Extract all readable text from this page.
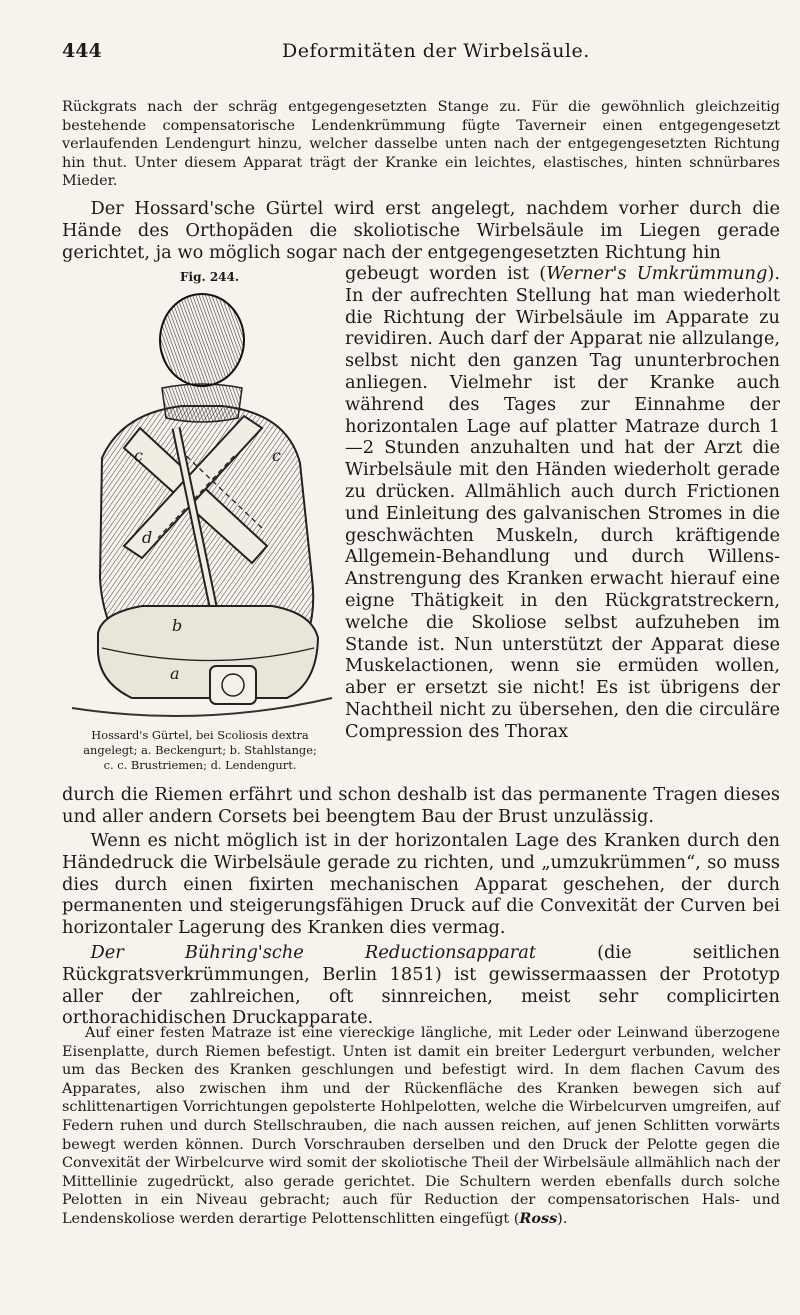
444	Deformitäten der Wirbelsäule.

Rückgrats nach der schräg entgegengesetzten Stange zu. Für die gewöhnlich gleichzeitig bestehende compensatorische Lendenkrümmung fügte Taverneir einen entgegengesetzt verlaufenden Lendengurt hinzu, welcher dasselbe unten nach der entgegengesetzten Richtung hin thut. Unter diesem Apparat trägt der Kranke ein leichtes, elastisches, hinten schnürbares Mieder.

Der Hossard'sche Gürtel wird erst angelegt, nachdem vorher durch die Hände des Orthopäden die skoliotische Wirbelsäule im Liegen gerade gerichtet, ja wo möglich sogar nach der entgegengesetzten Richtung hin

Fig. 244.
c	c
d
b
a
Hossard's Gürtel, bei Scoliosis dextra
angelegt; a. Beckengurt; b. Stahlstange;
c. c. Brustriemen; d. Lendengurt.

gebeugt worden ist (Werner's Umkrümmung). In der aufrechten Stellung hat man wiederholt die Richtung der Wirbelsäule im Apparate zu revidiren. Auch darf der Apparat nie allzulange, selbst nicht den ganzen Tag ununterbrochen anliegen. Vielmehr ist der Kranke auch während des Tages zur Einnahme der horizontalen Lage auf platter Matraze durch 1—2 Stunden anzuhalten und hat der Arzt die Wirbelsäule mit den Händen wiederholt gerade zu drücken. Allmählich auch durch Frictionen und Einleitung des galvanischen Stromes in die geschwächten Muskeln, durch kräftigende Allgemein-Behandlung und durch Willens-Anstrengung des Kranken erwacht hierauf eine eigne Thätigkeit in den Rückgratstreckern, welche die Skoliose selbst aufzuheben im Stande ist. Nun unterstützt der Apparat diese Muskelactionen, wenn sie ermüden wollen, aber er ersetzt sie nicht! Es ist übrigens der Nachtheil nicht zu übersehen, den die circuläre Compression des Thorax

durch die Riemen erfährt und schon deshalb ist das permanente Tragen dieses und aller andern Corsets bei beengtem Bau der Brust unzulässig.

Wenn es nicht möglich ist in der horizontalen Lage des Kranken durch den Händedruck die Wirbelsäule gerade zu richten, und „umzukrümmen“, so muss dies durch einen fixirten mechanischen Apparat geschehen, der durch permanenten und steigerungsfähigen Druck auf die Convexität der Curven bei horizontaler Lagerung des Kranken dies vermag.

Der Bühring'sche Reductionsapparat (die seitlichen Rückgratsverkrümmungen, Berlin 1851) ist gewissermaassen der Prototyp aller der zahlreichen, oft sinnreichen, meist sehr complicirten orthorachidischen Druckapparate.

Auf einer festen Matraze ist eine viereckige längliche, mit Leder oder Leinwand überzogene Eisenplatte, durch Riemen befestigt. Unten ist damit ein breiter Ledergurt verbunden, welcher um das Becken des Kranken geschlungen und befestigt wird. In dem flachen Cavum des Apparates, also zwischen ihm und der Rückenfläche des Kranken bewegen sich auf schlittenartigen Vorrichtungen gepolsterte Hohlpelotten, welche die Wirbelcurven umgreifen, auf Federn ruhen und durch Stellschrauben, die nach aussen reichen, auf jenen Schlitten vorwärts bewegt werden können. Durch Vorschrauben derselben und den Druck der Pelotte gegen die Convexität der Wirbelcurve wird somit der skoliotische Theil der Wirbelsäule allmählich nach der Mittellinie zugedrückt, also gerade gerichtet. Die Schultern werden ebenfalls durch solche Pelotten in ein Niveau gebracht; auch für Reduction der compensatorischen Hals- und Lendenskoliose werden derartige Pelottenschlitten eingefügt (Ross).
